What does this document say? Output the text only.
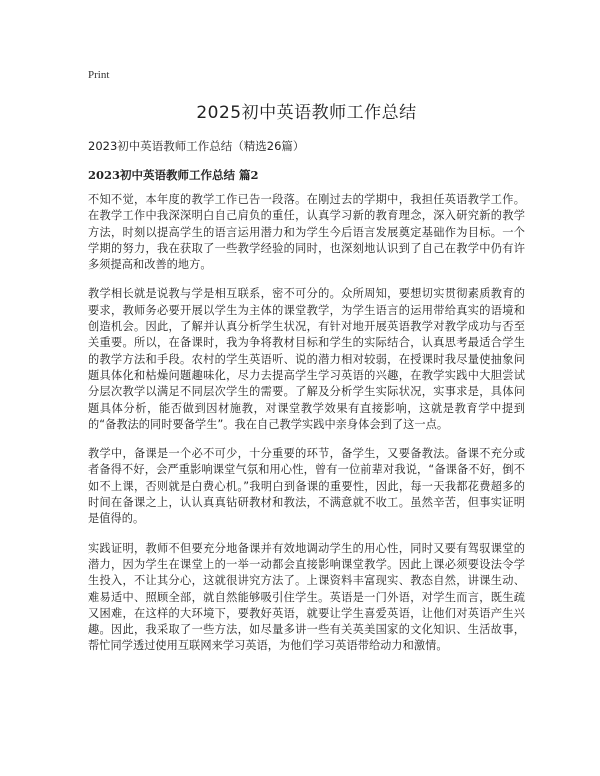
Print
2025初中英语教师工作总结

2023初中英语教师工作总结（精选26篇）

2023初中英语教师工作总结 篇2

不知不觉，本年度的教学工作已告一段落。在刚过去的学期中，我担任英语教学工作。在教学工作中我深深明白自己肩负的重任，认真学习新的教育理念，深入研究新的教学方法，时刻以提高学生的语言运用潜力和为学生今后语言发展奠定基础作为目标。一个学期的努力，我在获取了一些教学经验的同时，也深刻地认识到了自己在教学中仍有许多须提高和改善的地方。

教学相长就是说教与学是相互联系，密不可分的。众所周知，要想切实贯彻素质教育的要求，教师务必要开展以学生为主体的课堂教学，为学生语言的运用带给真实的语境和创造机会。因此，了解并认真分析学生状况，有针对地开展英语教学对教学成功与否至关重要。所以，在备课时，我为争将教材目标和学生的实际结合，认真思考最适合学生的教学方法和手段。农村的学生英语听、说的潜力相对较弱，在授课时我尽量使抽象问题具体化和枯燥问题趣味化，尽力去提高学生学习英语的兴趣，在教学实践中大胆尝试分层次教学以满足不同层次学生的需要。了解及分析学生实际状况，实事求是，具体问题具体分析，能否做到因材施教，对课堂教学效果有直接影响，这就是教育学中提到的“备教法的同时要备学生”。我在自己教学实践中亲身体会到了这一点。

教学中，备课是一个必不可少，十分重要的环节，备学生，又要备教法。备课不充分或者备得不好，会严重影响课堂气氛和用心性，曾有一位前辈对我说，“备课备不好，倒不如不上课，否则就是白费心机。”我明白到备课的重要性，因此，每一天我都花费超多的时间在备课之上，认认真真钻研教材和教法，不满意就不收工。虽然辛苦，但事实证明是值得的。

实践证明，教师不但要充分地备课并有效地调动学生的用心性，同时又要有驾驭课堂的潜力，因为学生在课堂上的一举一动都会直接影响课堂教学。因此上课必须要设法令学生投入，不让其分心，这就很讲究方法了。上课资料丰富现实、教态自然，讲课生动、难易适中、照顾全部，就自然能够吸引住学生。英语是一门外语，对学生而言，既生疏又困难，在这样的大环境下，要教好英语，就要让学生喜爱英语，让他们对英语产生兴趣。因此，我采取了一些方法，如尽量多讲一些有关英美国家的文化知识、生活故事，帮忙同学透过使用互联网来学习英语，为他们学习英语带给动力和激情。
